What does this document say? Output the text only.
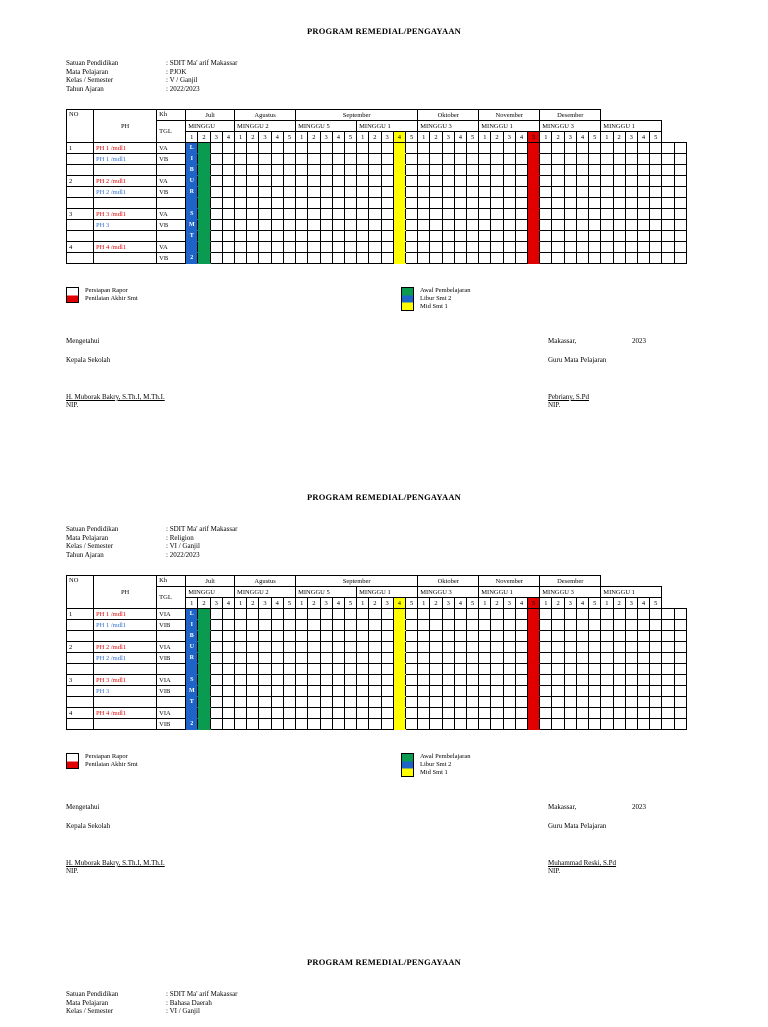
PROGRAM REMEDIAL/PENGAYAAN
Satuan Pendidikan	: SDIT Ma' arif Makassar
Mata Pelajaran	: PJOK
Kelas / Semester	: V / Ganjil
Tahun Ajaran	: 2022/2023
NO	PH	Kh	Juli				Agustus					September										Oktober					November					Desember											
		TGL	MINGGU				MINGGU 2					MINGGU 5					MINGGU 1					MINGGU 3					MINGGU 1					MINGGU 3					MINGGU 1						
			1	2	3	4	1	2	3	4	5	1	2	3	4	5	1	2	3	4	5	1	2	3	4	5	1	2	3	4	5	1	2	3	4	5	1	2	3	4	5		
1	PH 1 /mdl1	VA	L																																								

	PH 1 /mdl1	VB	I																																								

			B																																								

2	PH 2 /mdl1	VA	U																																								

	PH 2 /mdl1	VB	R																																								

3	PH 3 /mdl1	VA	S																																								

	PH 3	VB	M																																								

			T																																								

4	PH 4 /mdl1	VA	

		VB	2																																								

Persiapan Rapor
Penilaian Akhir Smt
Awal Pembelajaran
Libur Smt 2
Mid Smt 1
Mengetahui
Kepala Sekolah
H. Muborak Bakry, S.Th.I, M.Th.I.
NIP.
Makassar,	2023
Guru Mata Pelajaran
Pebriany, S.Pd
NIP.
PROGRAM REMEDIAL/PENGAYAAN
Satuan Pendidikan	: SDIT Ma' arif Makassar
Mata Pelajaran	: Religion
Kelas / Semester	: VI / Ganjil
Tahun Ajaran	: 2022/2023
NO	PH	Kh	Juli				Agustus					September										Oktober					November					Desember											
		TGL	MINGGU				MINGGU 2					MINGGU 5					MINGGU 1					MINGGU 3					MINGGU 1					MINGGU 3					MINGGU 1						
			1	2	3	4	1	2	3	4	5	1	2	3	4	5	1	2	3	4	5	1	2	3	4	5	1	2	3	4	5	1	2	3	4	5	1	2	3	4	5		
1	PH 1 /mdl1	VIA	L																																								

	PH 1 /mdl1	VIB	I																																								

			B																																								

2	PH 2 /mdl1	VIA	U																																								

	PH 2 /mdl1	VIB	R																																								

3	PH 3 /mdl1	VIA	S																																								

	PH 3	VIB	M																																								

			T																																								

4	PH 4 /mdl1	VIA	

		VIB	2																																								

Persiapan Rapor
Penilaian Akhir Smt
Awal Pembelajaran
Libur Smt 2
Mid Smt 1
Mengetahui
Kepala Sekolah
H. Muborak Bakry, S.Th.I, M.Th.I.
NIP.
Makassar,	2023
Guru Mata Pelajaran
Muhammad Reski, S.Pd
NIP.
PROGRAM REMEDIAL/PENGAYAAN
Satuan Pendidikan	: SDIT Ma' arif Makassar
Mata Pelajaran	: Bahasa Daerah
Kelas / Semester	: VI / Ganjil
